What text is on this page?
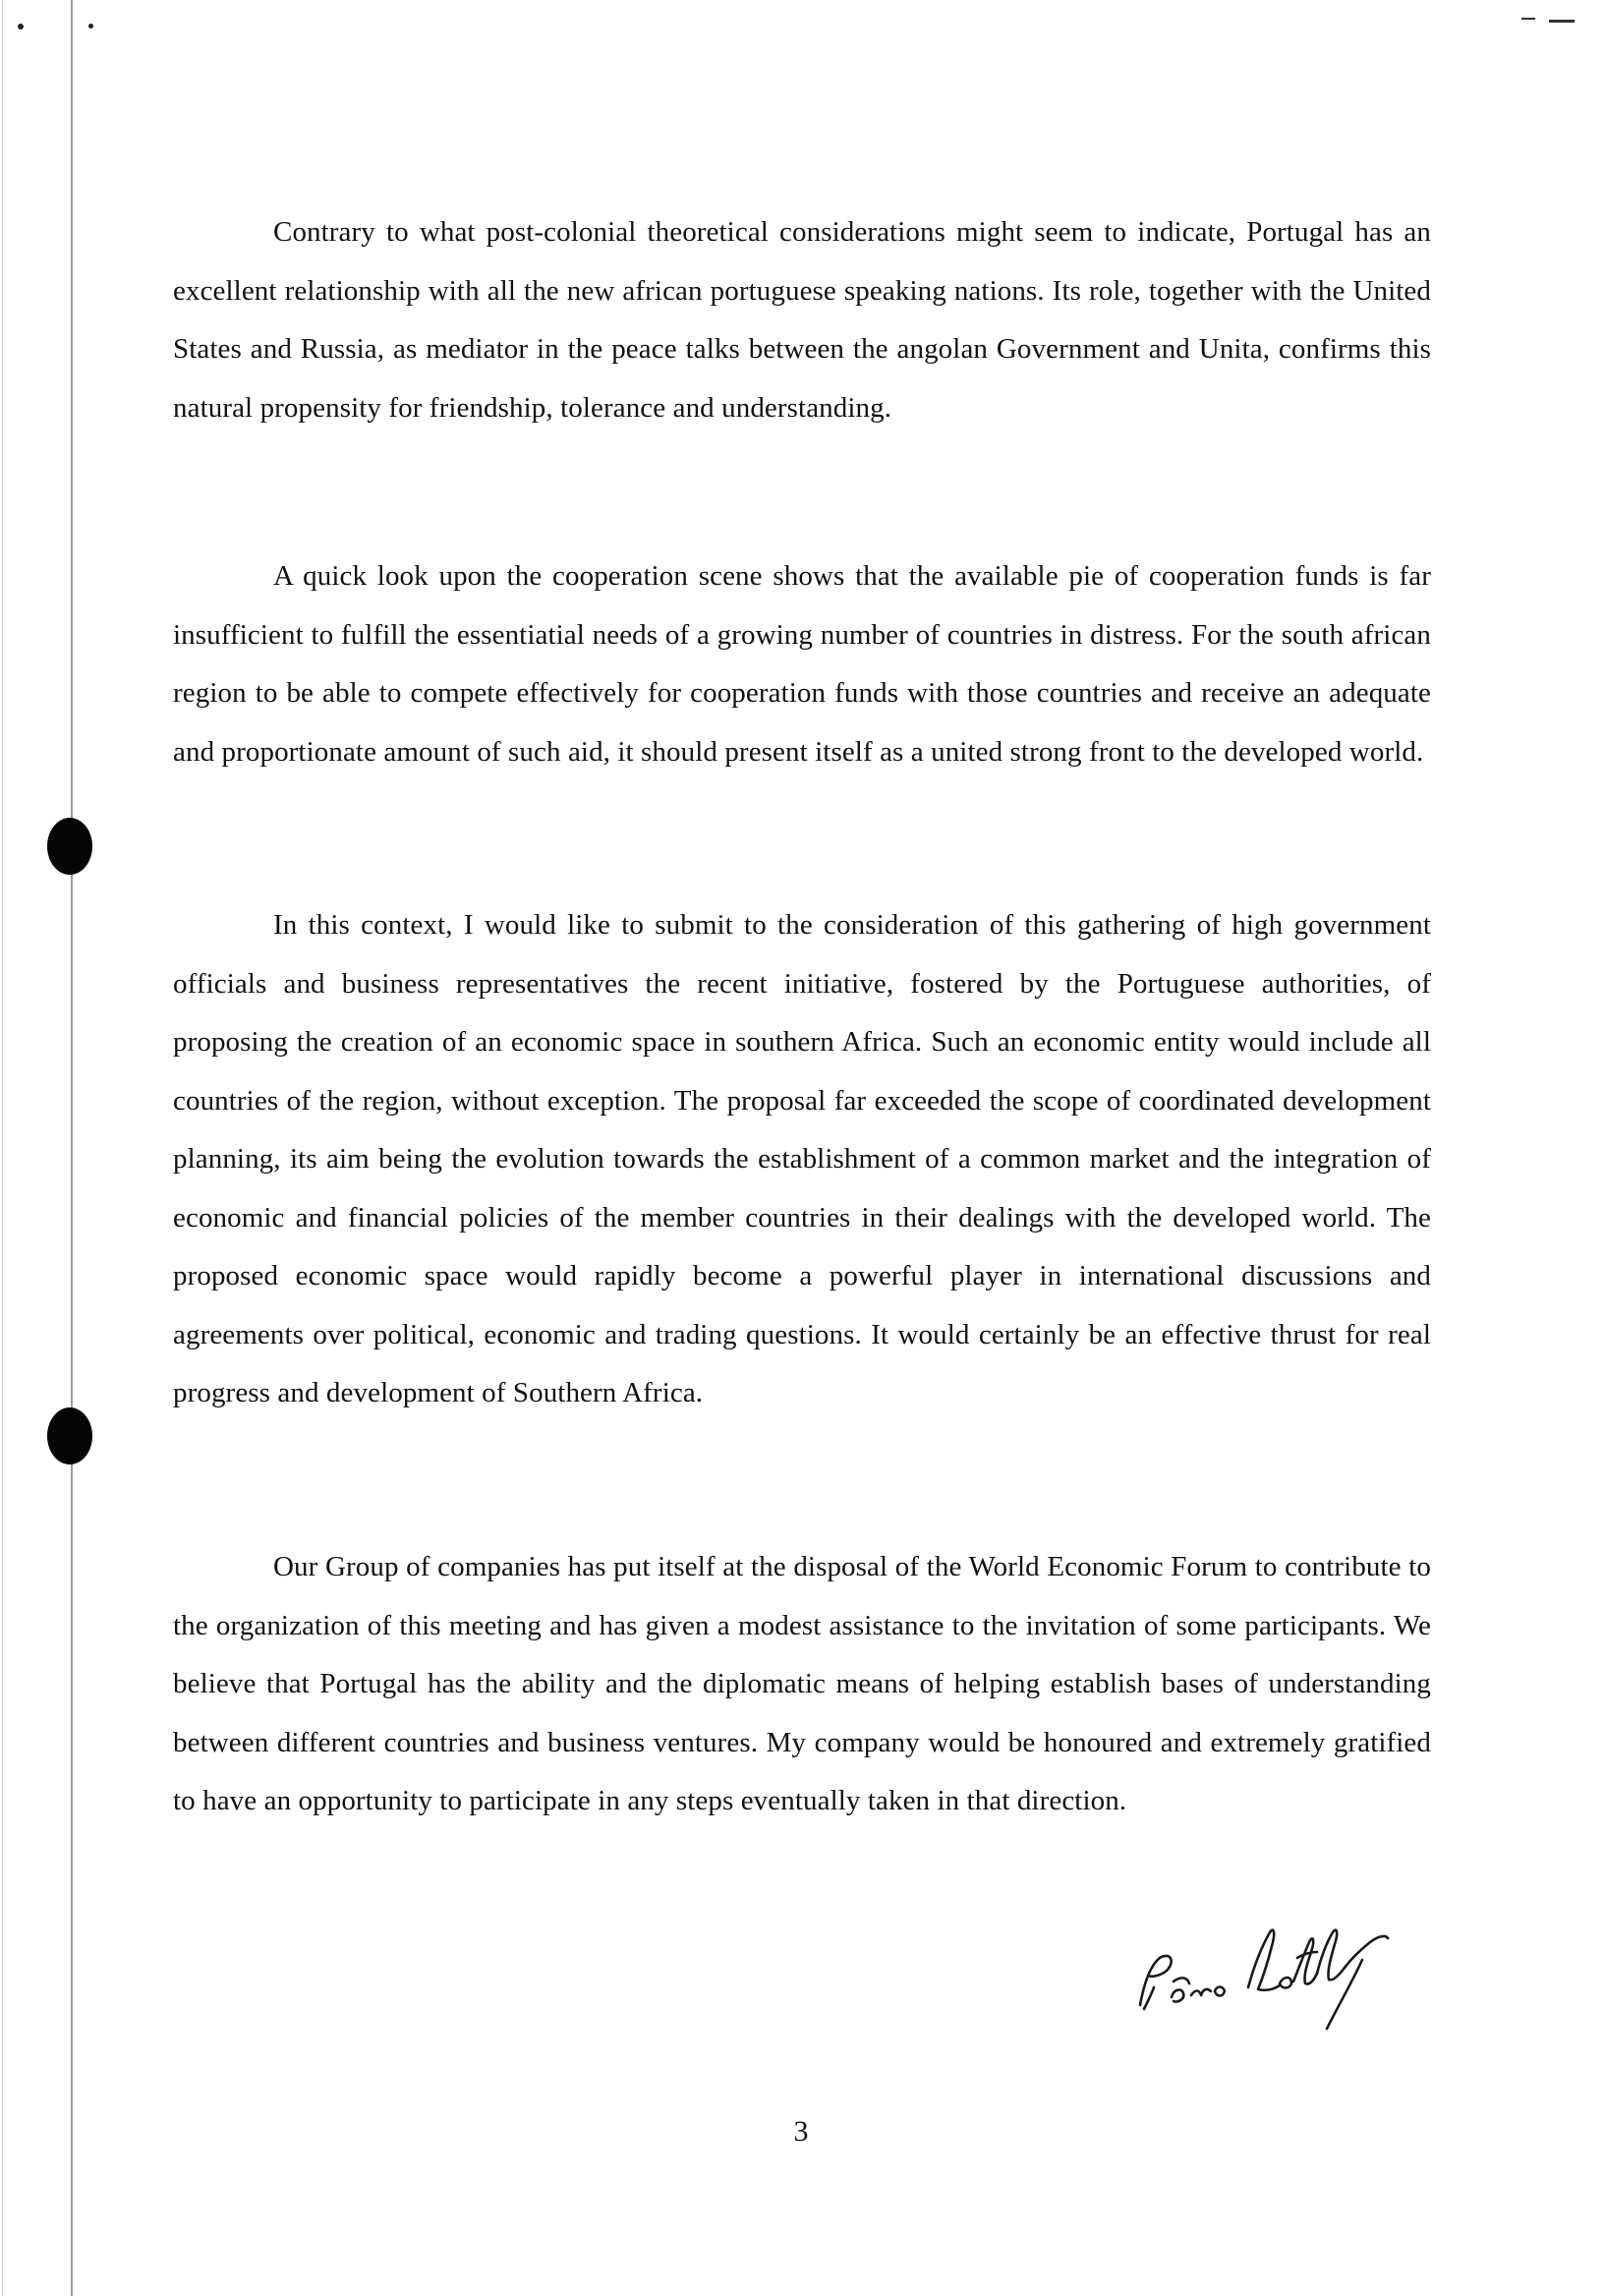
Contrary to what post-colonial theoretical considerations might seem to indicate, Portugal has an excellent relationship with all the new african portuguese speaking nations. Its role, together with the United States and Russia, as mediator in the peace talks between the angolan Government and Unita, confirms this natural propensity for friendship, tolerance and understanding.

A quick look upon the cooperation scene shows that the available pie of cooperation funds is far insufficient to fulfill the essentiatial needs of a growing number of countries in distress. For the south african region to be able to compete effectively for cooperation funds with those countries and receive an adequate and proportionate amount of such aid, it should present itself as a united strong front to the developed world.

In this context, I would like to submit to the consideration of this gathering of high government officials and business representatives the recent initiative, fostered by the Portuguese authorities, of proposing the creation of an economic space in southern Africa. Such an economic entity would include all countries of the region, without exception. The proposal far exceeded the scope of coordinated development planning, its aim being the evolution towards the establishment of a common market and the integration of economic and financial policies of the member countries in their dealings with the developed world. The proposed economic space would rapidly become a powerful player in international discussions and agreements over political, economic and trading questions. It would certainly be an effective thrust for real progress and development of Southern Africa.

Our Group of companies has put itself at the disposal of the World Economic Forum to contribute to the organization of this meeting and has given a modest assistance to the invitation of some participants. We believe that Portugal has the ability and the diplomatic means of helping establish bases of understanding between different countries and business ventures. My company would be honoured and extremely gratified to have an opportunity to participate in any steps eventually taken in that direction.

3
